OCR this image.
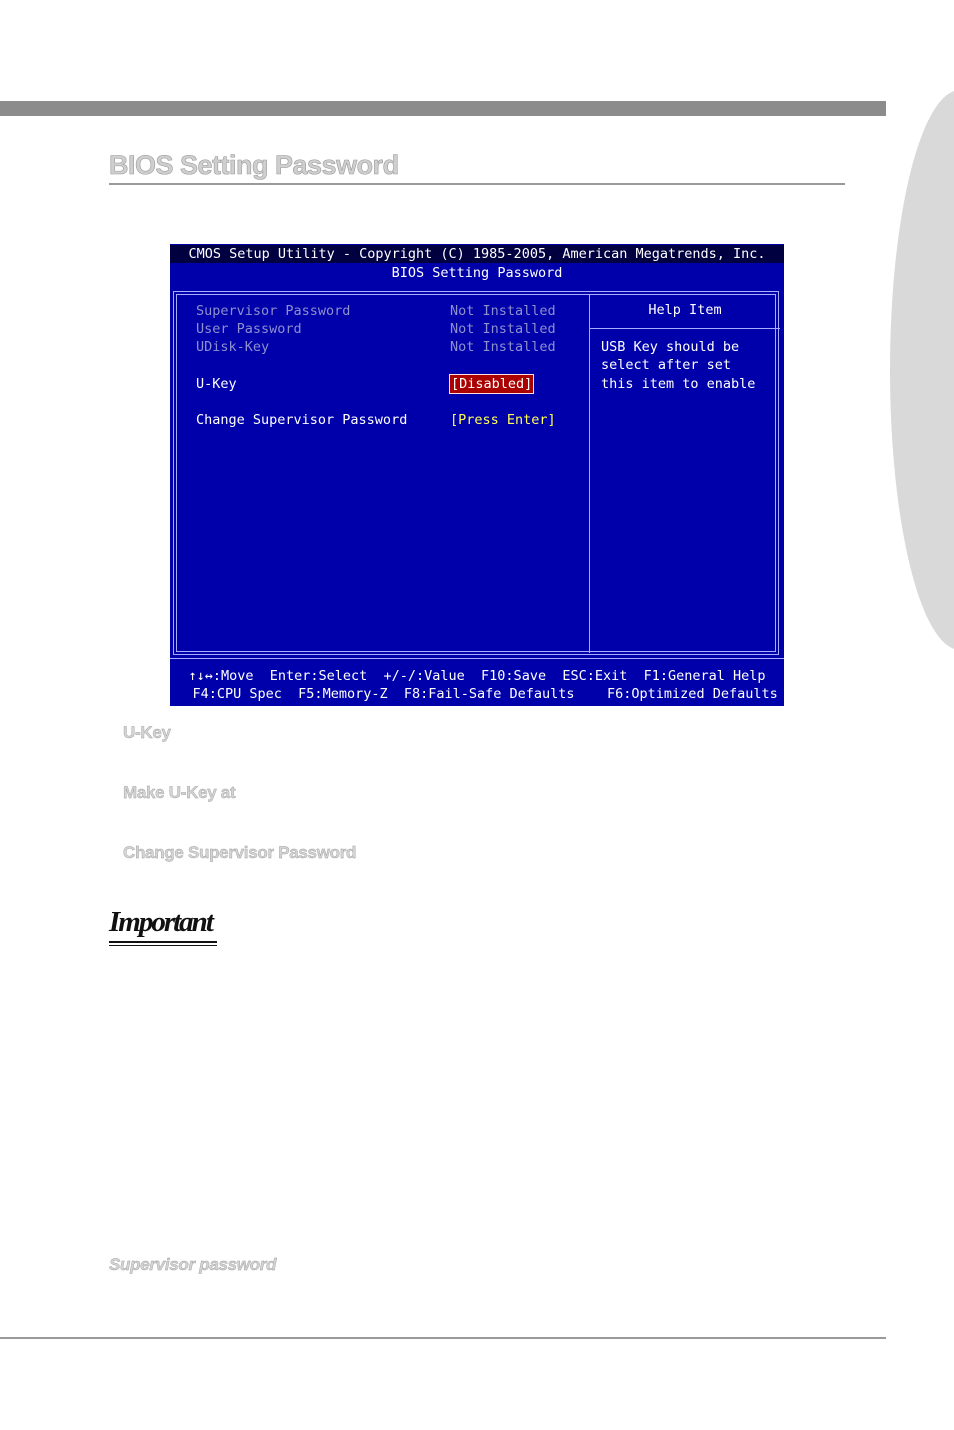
BIOS Setting Password
CMOS Setup Utility - Copyright (C) 1985-2005, American Megatrends, Inc.
BIOS Setting Password
Supervisor Password	Not Installed
User Password	Not Installed
UDisk-Key	Not Installed
U-Key	[Disabled]
Change Supervisor Password	[Press Enter]
Help Item
USB Key should be
select after set
this item to enable
↑↓↔:Move  Enter:Select  +/-/:Value  F10:Save  ESC:Exit  F1:General Help
F4:CPU Spec  F5:Memory-Z  F8:Fail-Safe Defaults    F6:Optimized Defaults
U-Key
Make U-Key at
Change Supervisor Password
Important
Supervisor password
